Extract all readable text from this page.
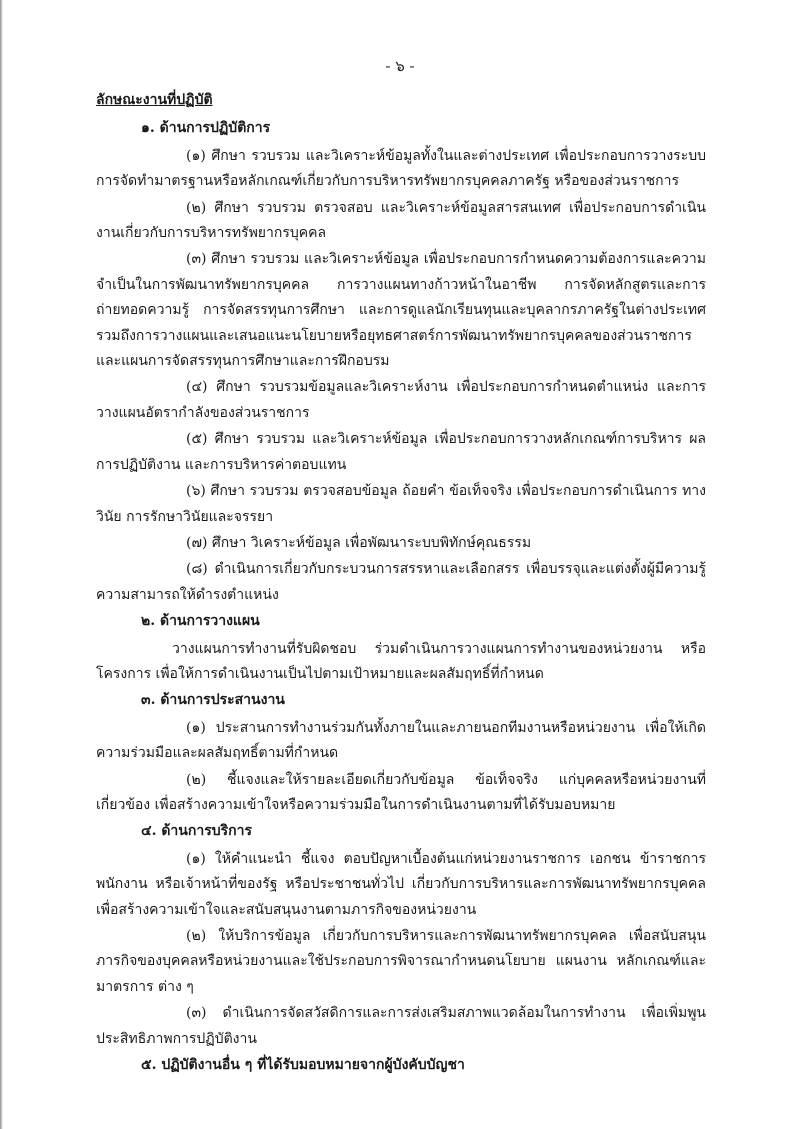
- ๖ -
ลักษณะงานที่ปฏิบัติ
๑. ด้านการปฏิบัติการ
(๑) ศึกษา รวบรวม และวิเคราะห์ข้อมูลทั้งในและต่างประเทศ เพื่อประกอบการวางระบบการจัดทำมาตรฐานหรือหลักเกณฑ์เกี่ยวกับการบริหารทรัพยากรบุคคลภาครัฐ หรือของส่วนราชการ
(๒) ศึกษา รวบรวม ตรวจสอบ และวิเคราะห์ข้อมูลสารสนเทศ เพื่อประกอบการดำเนินงานเกี่ยวกับการบริหารทรัพยากรบุคคล
(๓) ศึกษา รวบรวม และวิเคราะห์ข้อมูล เพื่อประกอบการกำหนดความต้องการและความจำเป็นในการพัฒนาทรัพยากรบุคคล การวางแผนทางก้าวหน้าในอาชีพ การจัดหลักสูตรและการถ่ายทอดความรู้ การจัดสรรทุนการศึกษา และการดูแลนักเรียนทุนและบุคลากรภาครัฐในต่างประเทศ รวมถึงการวางแผนและเสนอแนะนโยบายหรือยุทธศาสตร์การพัฒนาทรัพยากรบุคคลของส่วนราชการและแผนการจัดสรรทุนการศึกษาและการฝึกอบรม
(๔) ศึกษา รวบรวมข้อมูลและวิเคราะห์งาน เพื่อประกอบการกำหนดตำแหน่ง และการวางแผนอัตรากำลังของส่วนราชการ
(๕) ศึกษา รวบรวม และวิเคราะห์ข้อมูล เพื่อประกอบการวางหลักเกณฑ์การบริหาร ผลการปฏิบัติงาน และการบริหารค่าตอบแทน
(๖) ศึกษา รวบรวม ตรวจสอบข้อมูล ถ้อยคำ ข้อเท็จจริง เพื่อประกอบการดำเนินการ ทางวินัย การรักษาวินัยและจรรยา
(๗) ศึกษา วิเคราะห์ข้อมูล เพื่อพัฒนาระบบพิทักษ์คุณธรรม
(๘) ดำเนินการเกี่ยวกับกระบวนการสรรหาและเลือกสรร เพื่อบรรจุและแต่งตั้งผู้มีความรู้ความสามารถให้ดำรงตำแหน่ง
๒. ด้านการวางแผน
วางแผนการทำงานที่รับผิดชอบ ร่วมดำเนินการวางแผนการทำงานของหน่วยงาน หรือโครงการ เพื่อให้การดำเนินงานเป็นไปตามเป้าหมายและผลสัมฤทธิ์ที่กำหนด
๓. ด้านการประสานงาน
(๑) ประสานการทำงานร่วมกันทั้งภายในและภายนอกทีมงานหรือหน่วยงาน เพื่อให้เกิดความร่วมมือและผลสัมฤทธิ์ตามที่กำหนด
(๒) ชี้แจงและให้รายละเอียดเกี่ยวกับข้อมูล ข้อเท็จจริง แก่บุคคลหรือหน่วยงานที่เกี่ยวข้อง เพื่อสร้างความเข้าใจหรือความร่วมมือในการดำเนินงานตามที่ได้รับมอบหมาย
๔. ด้านการบริการ
(๑) ให้คำแนะนำ ชี้แจง ตอบปัญหาเบื้องต้นแก่หน่วยงานราชการ เอกชน ข้าราชการ พนักงาน หรือเจ้าหน้าที่ของรัฐ หรือประชาชนทั่วไป เกี่ยวกับการบริหารและการพัฒนาทรัพยากรบุคคล เพื่อสร้างความเข้าใจและสนับสนุนงานตามภารกิจของหน่วยงาน
(๒) ให้บริการข้อมูล เกี่ยวกับการบริหารและการพัฒนาทรัพยากรบุคคล เพื่อสนับสนุนภารกิจของบุคคลหรือหน่วยงานและใช้ประกอบการพิจารณากำหนดนโยบาย แผนงาน หลักเกณฑ์และมาตรการ ต่าง ๆ
(๓) ดำเนินการจัดสวัสดิการและการส่งเสริมสภาพแวดล้อมในการทำงาน เพื่อเพิ่มพูนประสิทธิภาพการปฏิบัติงาน
๕. ปฏิบัติงานอื่น ๆ ที่ได้รับมอบหมายจากผู้บังคับบัญชา
